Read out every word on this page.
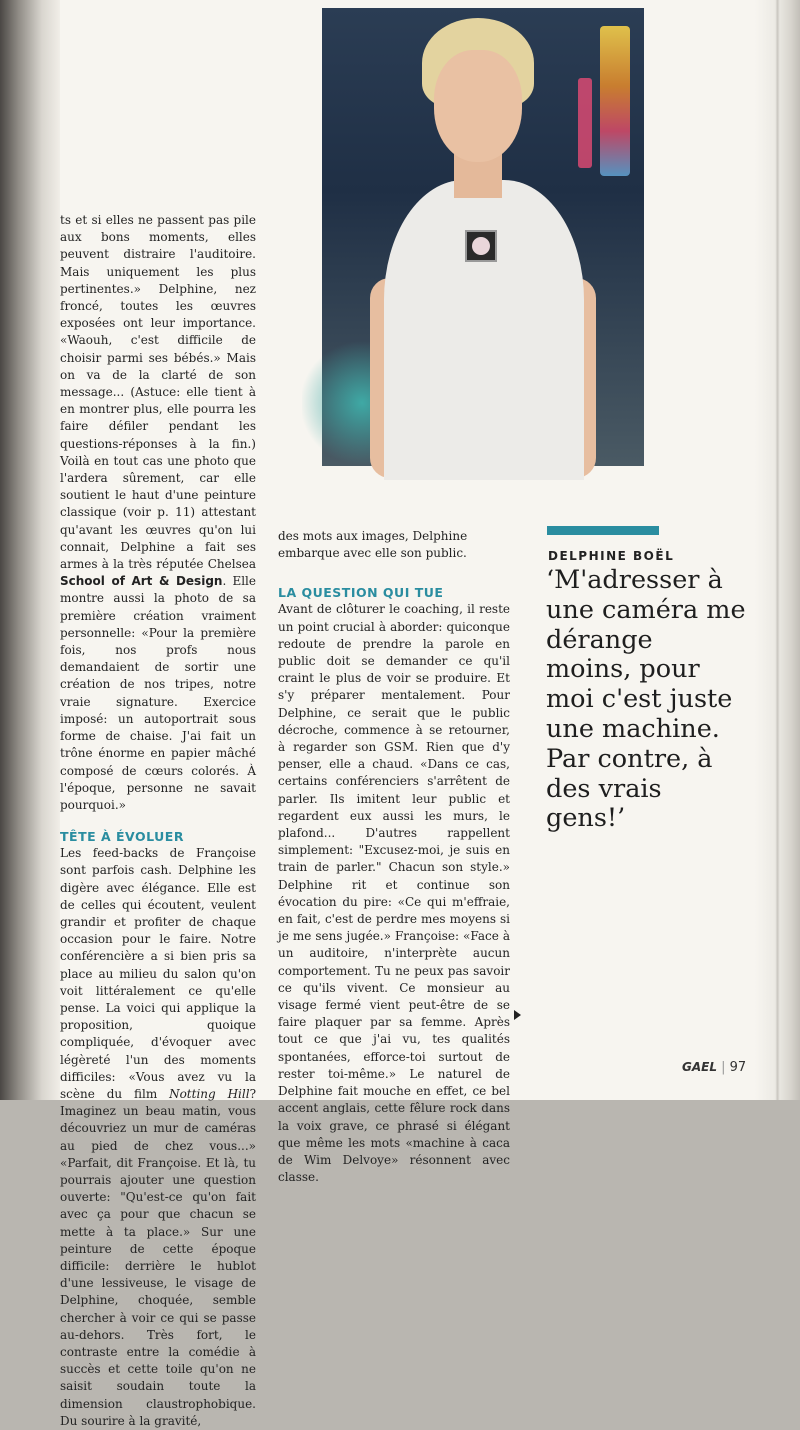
ts et si elles ne passent pas pile aux bons moments, elles peuvent distraire l'auditoire. Mais uniquement les plus pertinentes.» Delphine, nez froncé, toutes les œuvres exposées ont leur importance. «Waouh, c'est difficile de choisir parmi ses bébés.» Mais on va de la clarté de son message... (Astuce: elle tient à en montrer plus, elle pourra les faire défiler pendant les questions-réponses à la fin.) Voilà en tout cas une photo que l'ardera sûrement, car elle soutient le haut d'une peinture classique (voir p. 11) attestant qu'avant les œuvres qu'on lui connait, Delphine a fait ses armes à la très réputée Chelsea School of Art & Design. Elle montre aussi la photo de sa première création vraiment personnelle: «Pour la première fois, nos profs nous demandaient de sortir une création de nos tripes, notre vraie signature. Exercice imposé: un autoportrait sous forme de chaise. J'ai fait un trône énorme en papier mâché composé de cœurs colorés. À l'époque, personne ne savait pourquoi.»

TÊTE À ÉVOLUER

Les feed-backs de Françoise sont parfois cash. Delphine les digère avec élégance. Elle est de celles qui écoutent, veulent grandir et profiter de chaque occasion pour le faire. Notre conférencière a si bien pris sa place au milieu du salon qu'on voit littéralement ce qu'elle pense. La voici qui applique la proposition, quoique compliquée, d'évoquer avec légèreté l'un des moments difficiles: «Vous avez vu la scène du film Notting Hill? Imaginez un beau matin, vous découvriez un mur de caméras au pied de chez vous...» «Parfait, dit Françoise. Et là, tu pourrais ajouter une question ouverte: "Qu'est-ce qu'on fait avec ça pour que chacun se mette à ta place.» Sur une peinture de cette époque difficile: derrière le hublot d'une lessiveuse, le visage de Delphine, choquée, semble chercher à voir ce qui se passe au-dehors. Très fort, le contraste entre la comédie à succès et cette toile qu'on ne saisit soudain toute la dimension claustrophobique. Du sourire à la gravité,

des mots aux images, Delphine embarque avec elle son public.

LA QUESTION QUI TUE

Avant de clôturer le coaching, il reste un point crucial à aborder: quiconque redoute de prendre la parole en public doit se demander ce qu'il craint le plus de voir se produire. Et s'y préparer mentalement. Pour Delphine, ce serait que le public décroche, commence à se retourner, à regarder son GSM. Rien que d'y penser, elle a chaud. «Dans ce cas, certains conférenciers s'arrêtent de parler. Ils imitent leur public et regardent eux aussi les murs, le plafond... D'autres rappellent simplement: "Excusez-moi, je suis en train de parler." Chacun son style.» Delphine rit et continue son évocation du pire: «Ce qui m'effraie, en fait, c'est de perdre mes moyens si je me sens jugée.» Françoise: «Face à un auditoire, n'interprète aucun comportement. Tu ne peux pas savoir ce qu'ils vivent. Ce monsieur au visage fermé vient peut-être de se faire plaquer par sa femme. Après tout ce que j'ai vu, tes qualités spontanées, efforce-toi surtout de rester toi-même.» Le naturel de Delphine fait mouche en effet, ce bel accent anglais, cette fêlure rock dans la voix grave, ce phrasé si élégant que même les mots «machine à caca de Wim Delvoye» résonnent avec classe.

DELPHINE BOËL
‘M'adresser à une caméra me dérange moins, pour moi c'est juste une machine. Par contre, à des vrais gens!’
GAEL | 97
